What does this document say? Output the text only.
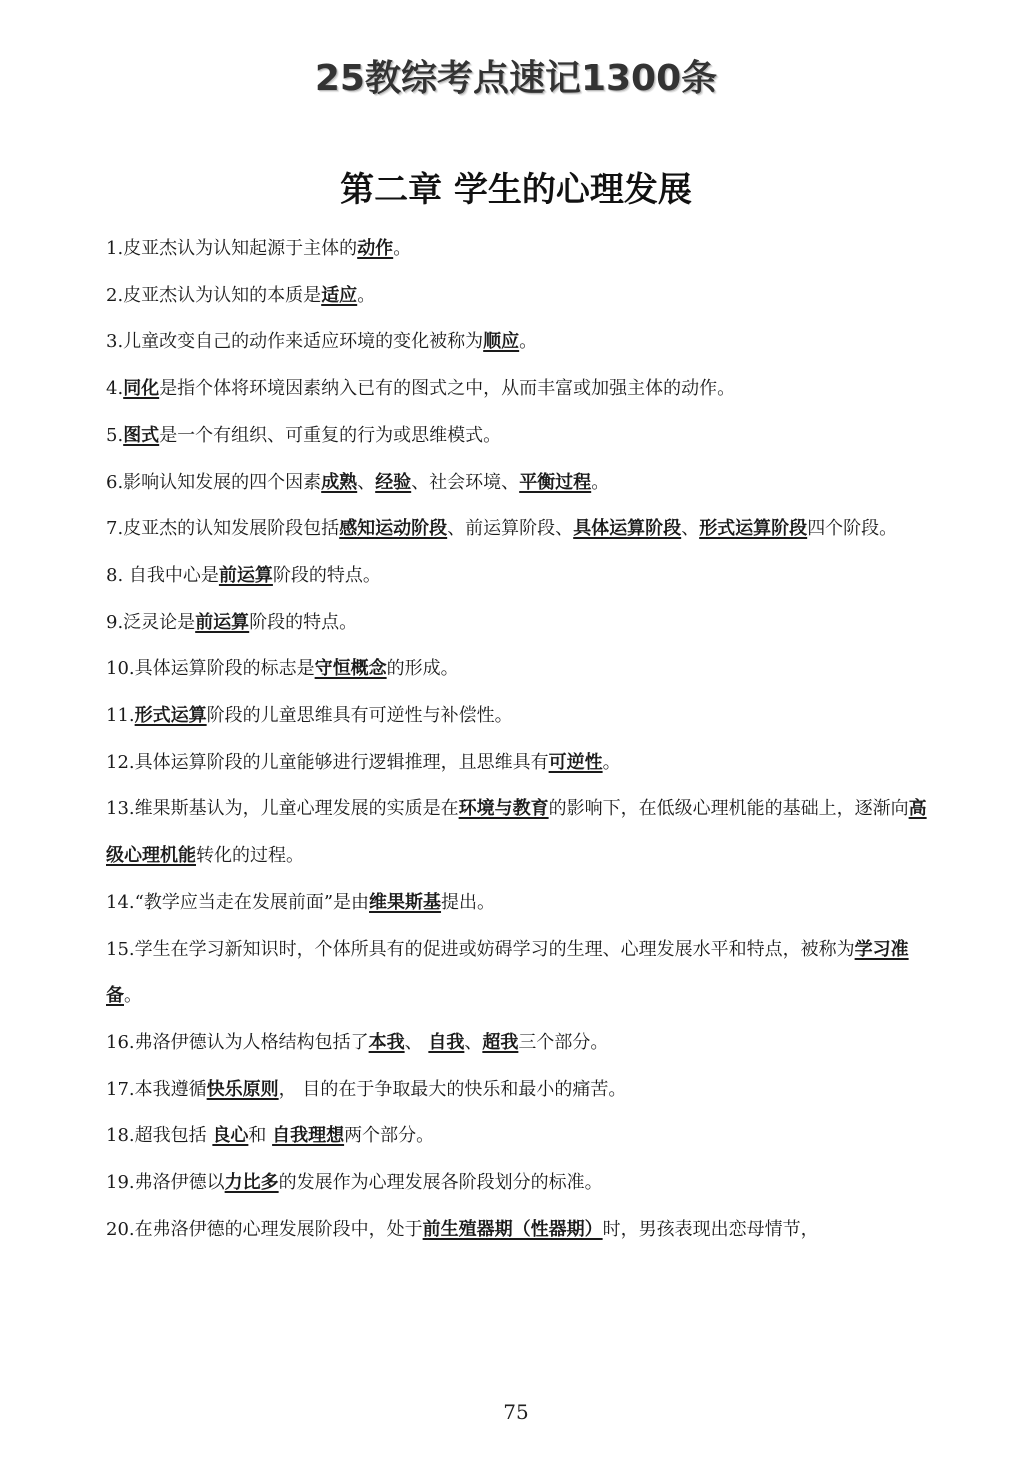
25教综考点速记1300条
第二章 学生的心理发展
1.皮亚杰认为认知起源于主体的动作。
2.皮亚杰认为认知的本质是适应。
3.儿童改变自己的动作来适应环境的变化被称为顺应。
4.同化是指个体将环境因素纳入已有的图式之中，从而丰富或加强主体的动作。
5.图式是一个有组织、可重复的行为或思维模式。
6.影响认知发展的四个因素成熟、经验、社会环境、平衡过程。
7.皮亚杰的认知发展阶段包括感知运动阶段、前运算阶段、具体运算阶段、形式运算阶段四个阶段。
8. 自我中心是前运算阶段的特点。
9.泛灵论是前运算阶段的特点。
10.具体运算阶段的标志是守恒概念的形成。
11.形式运算阶段的儿童思维具有可逆性与补偿性。
12.具体运算阶段的儿童能够进行逻辑推理，且思维具有可逆性。
13.维果斯基认为，儿童心理发展的实质是在环境与教育的影响下，在低级心理机能的基础上，逐渐向高级心理机能转化的过程。
14.“教学应当走在发展前面”是由维果斯基提出。
15.学生在学习新知识时，个体所具有的促进或妨碍学习的生理、心理发展水平和特点，被称为学习准备。
16.弗洛伊德认为人格结构包括了本我、 自我、超我三个部分。
17.本我遵循快乐原则， 目的在于争取最大的快乐和最小的痛苦。
18.超我包括 良心和 自我理想两个部分。
19.弗洛伊德以力比多的发展作为心理发展各阶段划分的标准。
20.在弗洛伊德的心理发展阶段中，处于前生殖器期（性器期）时，男孩表现出恋母情节，
75
